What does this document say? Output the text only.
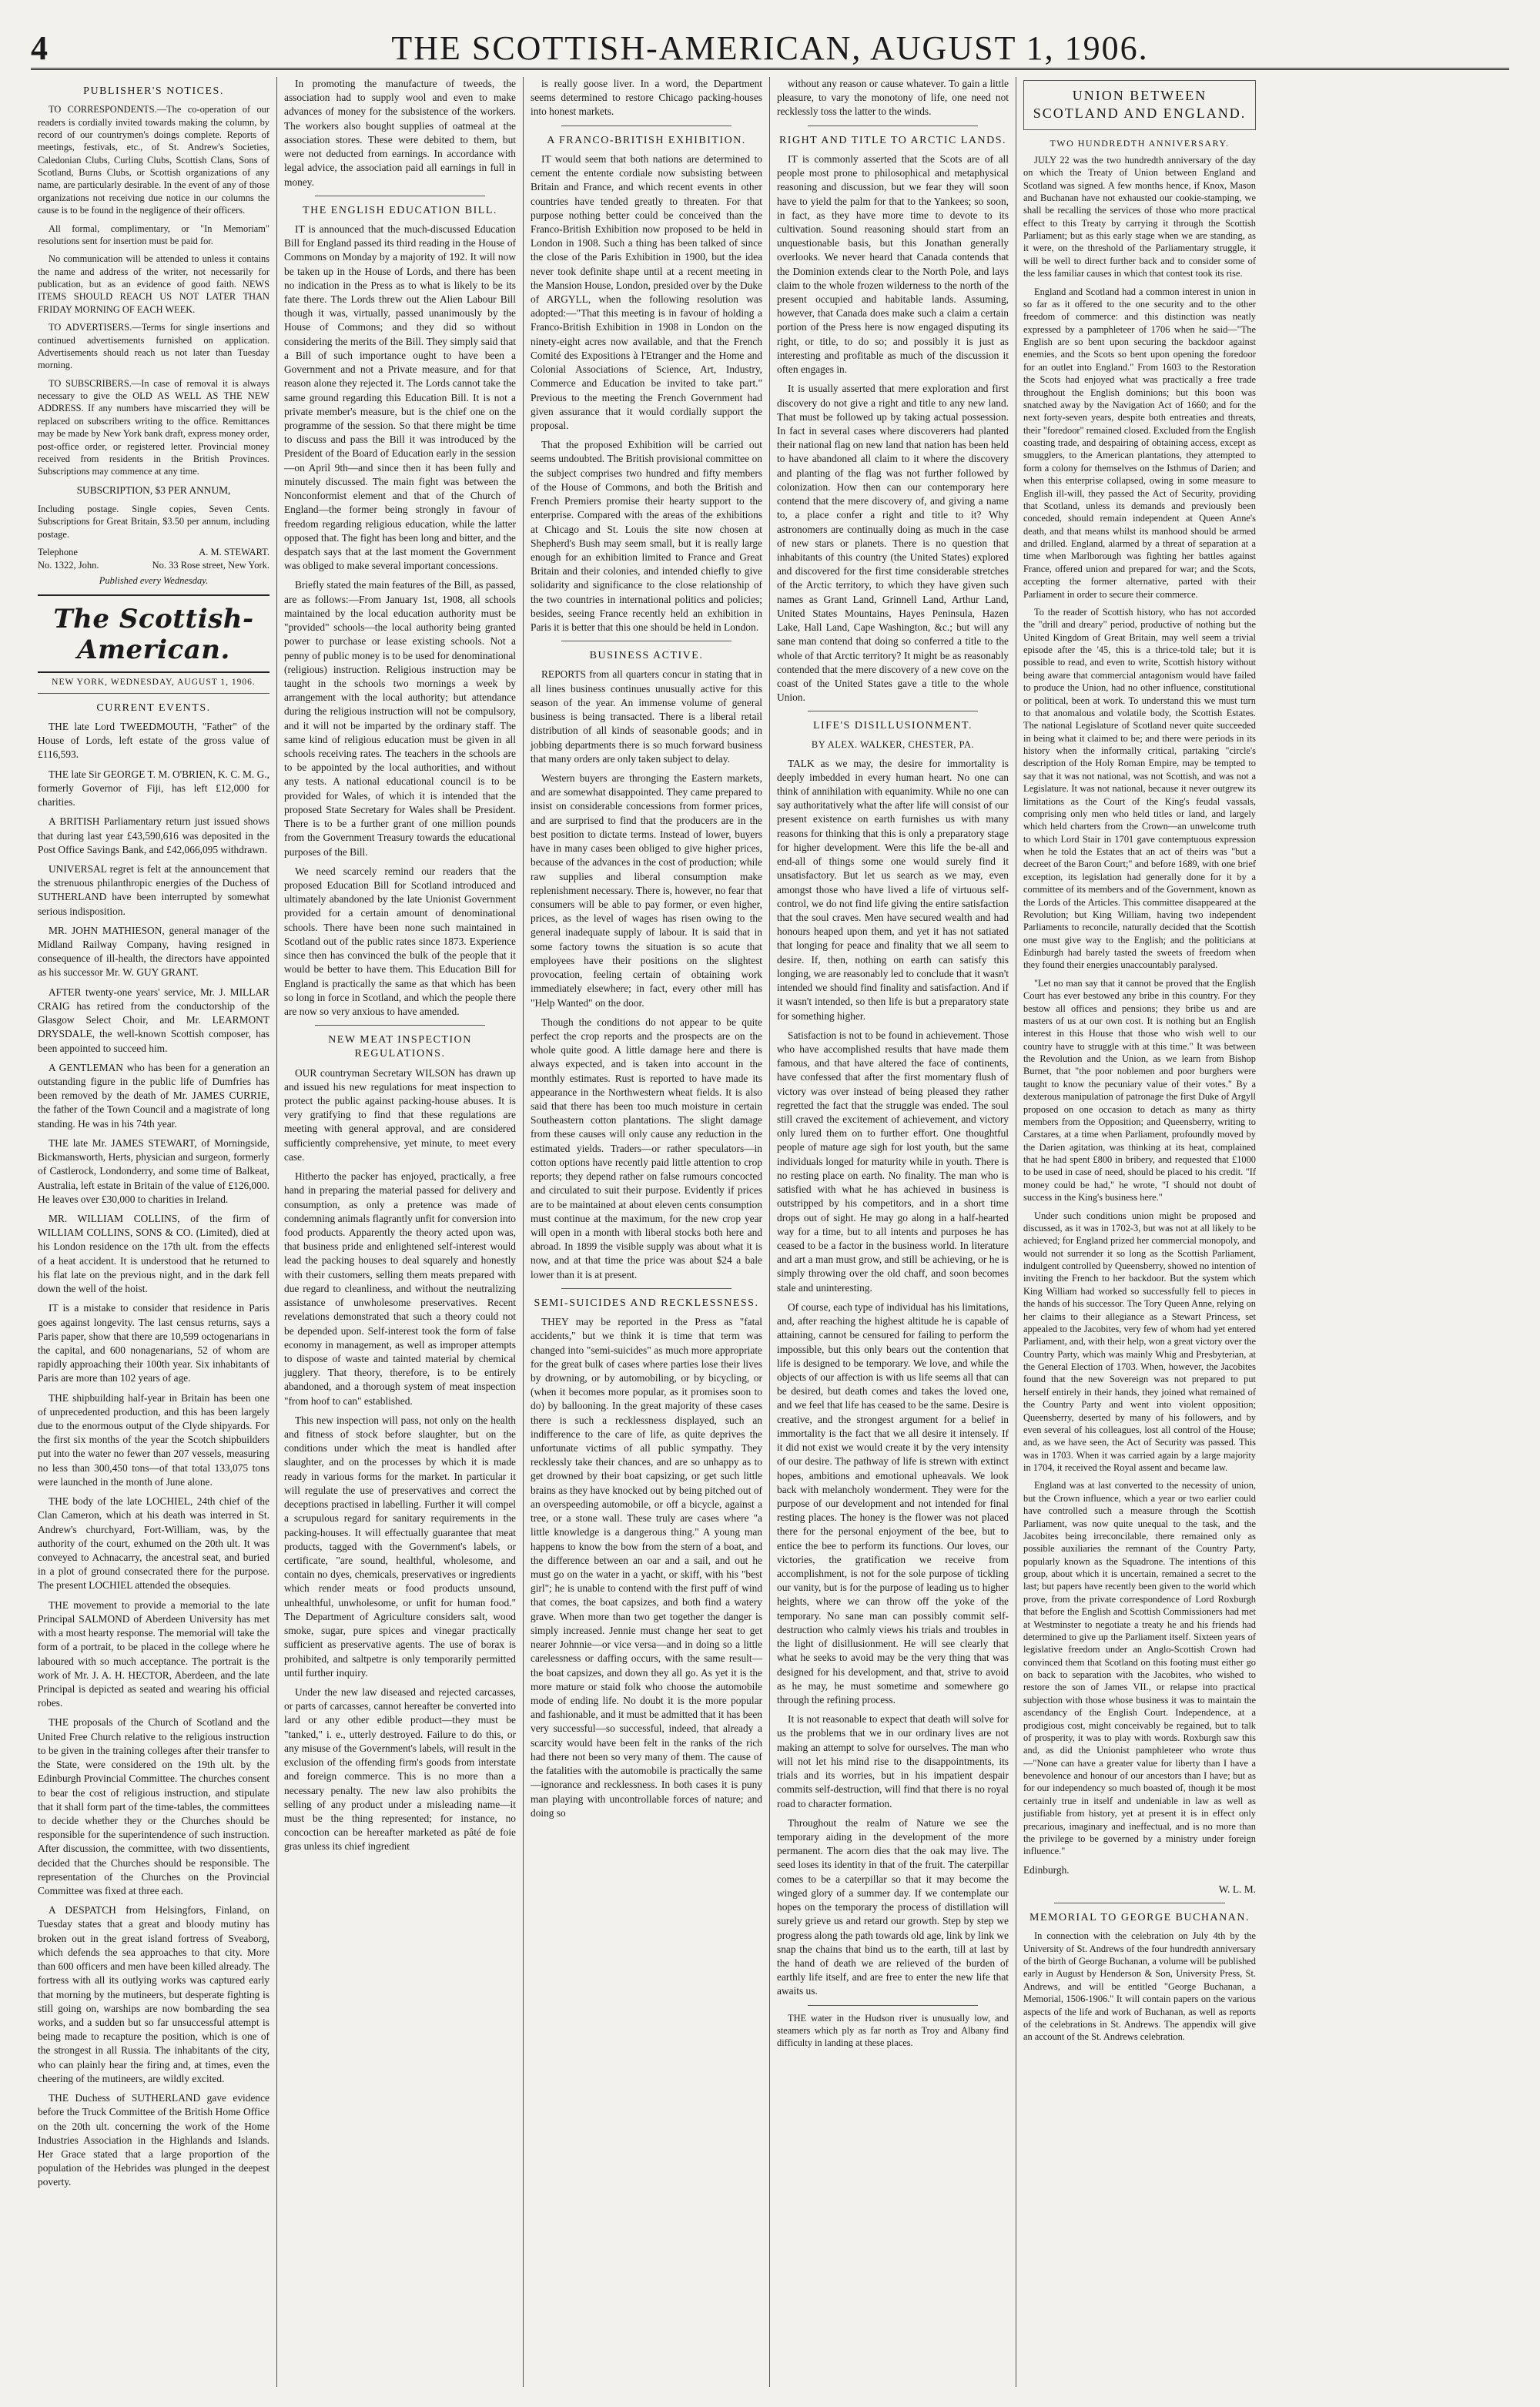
4	THE SCOTTISH-AMERICAN, AUGUST 1, 1906.
PUBLISHER'S NOTICES.

TO CORRESPONDENTS.—The co-operation of our readers is cordially invited towards making the column, by record of our countrymen's doings complete. Reports of meetings, festivals, etc., of St. Andrew's Societies, Caledonian Clubs, Curling Clubs, Scottish Clans, Sons of Scotland, Burns Clubs, or Scottish organizations of any name, are particularly desirable. In the event of any of those organizations not receiving due notice in our columns the cause is to be found in the negligence of their officers.

All formal, complimentary, or "In Memoriam" resolutions sent for insertion must be paid for.

No communication will be attended to unless it contains the name and address of the writer, not necessarily for publication, but as an evidence of good faith. NEWS ITEMS SHOULD REACH US NOT LATER THAN FRIDAY MORNING OF EACH WEEK.

TO ADVERTISERS.—Terms for single insertions and continued advertisements furnished on application. Advertisements should reach us not later than Tuesday morning.

TO SUBSCRIBERS.—In case of removal it is always necessary to give the OLD AS WELL AS THE NEW ADDRESS. If any numbers have miscarried they will be replaced on subscribers writing to the office. Remittances may be made by New York bank draft, express money order, post-office order, or registered letter. Provincial money received from residents in the British Provinces. Subscriptions may commence at any time.

SUBSCRIPTION, $3 PER ANNUM,

Including postage. Single copies, Seven Cents. Subscriptions for Great Britain, $3.50 per annum, including postage.

Telephone	A. M. STEWART.
No. 1322, John.	No. 33 Rose street, New York.
Published every Wednesday.
The Scottish-American.
NEW YORK, WEDNESDAY, AUGUST 1, 1906.
CURRENT EVENTS.

THE late Lord TWEEDMOUTH, "Father" of the House of Lords, left estate of the gross value of £116,593.

THE late Sir GEORGE T. M. O'BRIEN, K. C. M. G., formerly Governor of Fiji, has left £12,000 for charities.

A BRITISH Parliamentary return just issued shows that during last year £43,590,616 was deposited in the Post Office Savings Bank, and £42,066,095 withdrawn.

UNIVERSAL regret is felt at the announcement that the strenuous philanthropic energies of the Duchess of SUTHERLAND have been interrupted by somewhat serious indisposition.

MR. JOHN MATHIESON, general manager of the Midland Railway Company, having resigned in consequence of ill-health, the directors have appointed as his successor Mr. W. GUY GRANT.

AFTER twenty-one years' service, Mr. J. MILLAR CRAIG has retired from the conductorship of the Glasgow Select Choir, and Mr. LEARMONT DRYSDALE, the well-known Scottish composer, has been appointed to succeed him.

A GENTLEMAN who has been for a generation an outstanding figure in the public life of Dumfries has been removed by the death of Mr. JAMES CURRIE, the father of the Town Council and a magistrate of long standing. He was in his 74th year.

THE late Mr. JAMES STEWART, of Morningside, Bickmansworth, Herts, physician and surgeon, formerly of Castlerock, Londonderry, and some time of Balkeat, Australia, left estate in Britain of the value of £126,000. He leaves over £30,000 to charities in Ireland.

MR. WILLIAM COLLINS, of the firm of WILLIAM COLLINS, SONS & CO. (Limited), died at his London residence on the 17th ult. from the effects of a heat accident. It is understood that he returned to his flat late on the previous night, and in the dark fell down the well of the hoist.

IT is a mistake to consider that residence in Paris goes against longevity. The last census returns, says a Paris paper, show that there are 10,599 octogenarians in the capital, and 600 nonagenarians, 52 of whom are rapidly approaching their 100th year. Six inhabitants of Paris are more than 102 years of age.

THE shipbuilding half-year in Britain has been one of unprecedented production, and this has been largely due to the enormous output of the Clyde shipyards. For the first six months of the year the Scotch shipbuilders put into the water no fewer than 207 vessels, measuring no less than 300,450 tons—of that total 133,075 tons were launched in the month of June alone.

THE body of the late LOCHIEL, 24th chief of the Clan Cameron, which at his death was interred in St. Andrew's churchyard, Fort-William, was, by the authority of the court, exhumed on the 20th ult. It was conveyed to Achnacarry, the ancestral seat, and buried in a plot of ground consecrated there for the purpose. The present LOCHIEL attended the obsequies.

THE movement to provide a memorial to the late Principal SALMOND of Aberdeen University has met with a most hearty response. The memorial will take the form of a portrait, to be placed in the college where he laboured with so much acceptance. The portrait is the work of Mr. J. A. H. HECTOR, Aberdeen, and the late Principal is depicted as seated and wearing his official robes.

THE proposals of the Church of Scotland and the United Free Church relative to the religious instruction to be given in the training colleges after their transfer to the State, were considered on the 19th ult. by the Edinburgh Provincial Committee. The churches consent to bear the cost of religious instruction, and stipulate that it shall form part of the time-tables, the committees to decide whether they or the Churches should be responsible for the superintendence of such instruction. After discussion, the committee, with two dissentients, decided that the Churches should be responsible. The representation of the Churches on the Provincial Committee was fixed at three each.

A DESPATCH from Helsingfors, Finland, on Tuesday states that a great and bloody mutiny has broken out in the great island fortress of Sveaborg, which defends the sea approaches to that city. More than 600 officers and men have been killed already. The fortress with all its outlying works was captured early that morning by the mutineers, but desperate fighting is still going on, warships are now bombarding the sea works, and a sudden but so far unsuccessful attempt is being made to recapture the position, which is one of the strongest in all Russia. The inhabitants of the city, who can plainly hear the firing and, at times, even the cheering of the mutineers, are wildly excited.

THE Duchess of SUTHERLAND gave evidence before the Truck Committee of the British Home Office on the 20th ult. concerning the work of the Home Industries Association in the Highlands and Islands. Her Grace stated that a large proportion of the population of the Hebrides was plunged in the deepest poverty.

In promoting the manufacture of tweeds, the association had to supply wool and even to make advances of money for the subsistence of the workers. The workers also bought supplies of oatmeal at the association stores. These were debited to them, but were not deducted from earnings. In accordance with legal advice, the association paid all earnings in full in money.

THE ENGLISH EDUCATION BILL.

IT is announced that the much-discussed Education Bill for England passed its third reading in the House of Commons on Monday by a majority of 192. It will now be taken up in the House of Lords, and there has been no indication in the Press as to what is likely to be its fate there. The Lords threw out the Alien Labour Bill though it was, virtually, passed unanimously by the House of Commons; and they did so without considering the merits of the Bill. They simply said that a Bill of such importance ought to have been a Government and not a Private measure, and for that reason alone they rejected it. The Lords cannot take the same ground regarding this Education Bill. It is not a private member's measure, but is the chief one on the programme of the session. So that there might be time to discuss and pass the Bill it was introduced by the President of the Board of Education early in the session—on April 9th—and since then it has been fully and minutely discussed. The main fight was between the Nonconformist element and that of the Church of England—the former being strongly in favour of freedom regarding religious education, while the latter opposed that. The fight has been long and bitter, and the despatch says that at the last moment the Government was obliged to make several important concessions.

Briefly stated the main features of the Bill, as passed, are as follows:—From January 1st, 1908, all schools maintained by the local education authority must be "provided" schools—the local authority being granted power to purchase or lease existing schools. Not a penny of public money is to be used for denominational (religious) instruction. Religious instruction may be taught in the schools two mornings a week by arrangement with the local authority; but attendance during the religious instruction will not be compulsory, and it will not be imparted by the ordinary staff. The same kind of religious education must be given in all schools receiving rates. The teachers in the schools are to be appointed by the local authorities, and without any tests. A national educational council is to be provided for Wales, of which it is intended that the proposed State Secretary for Wales shall be President. There is to be a further grant of one million pounds from the Government Treasury towards the educational purposes of the Bill.

We need scarcely remind our readers that the proposed Education Bill for Scotland introduced and ultimately abandoned by the late Unionist Government provided for a certain amount of denominational schools. There have been none such maintained in Scotland out of the public rates since 1873. Experience since then has convinced the bulk of the people that it would be better to have them. This Education Bill for England is practically the same as that which has been so long in force in Scotland, and which the people there are now so very anxious to have amended.

NEW MEAT INSPECTION REGULATIONS.

OUR countryman Secretary WILSON has drawn up and issued his new regulations for meat inspection to protect the public against packing-house abuses. It is very gratifying to find that these regulations are meeting with general approval, and are considered sufficiently comprehensive, yet minute, to meet every case.

Hitherto the packer has enjoyed, practically, a free hand in preparing the material passed for delivery and consumption, as only a pretence was made of condemning animals flagrantly unfit for conversion into food products. Apparently the theory acted upon was, that business pride and enlightened self-interest would lead the packing houses to deal squarely and honestly with their customers, selling them meats prepared with due regard to cleanliness, and without the neutralizing assistance of unwholesome preservatives. Recent revelations demonstrated that such a theory could not be depended upon. Self-interest took the form of false economy in management, as well as improper attempts to dispose of waste and tainted material by chemical jugglery. That theory, therefore, is to be entirely abandoned, and a thorough system of meat inspection "from hoof to can" established.

This new inspection will pass, not only on the health and fitness of stock before slaughter, but on the conditions under which the meat is handled after slaughter, and on the processes by which it is made ready in various forms for the market. In particular it will regulate the use of preservatives and correct the deceptions practised in labelling. Further it will compel a scrupulous regard for sanitary requirements in the packing-houses. It will effectually guarantee that meat products, tagged with the Government's labels, or certificate, "are sound, healthful, wholesome, and contain no dyes, chemicals, preservatives or ingredients which render meats or food products unsound, unhealthful, unwholesome, or unfit for human food." The Department of Agriculture considers salt, wood smoke, sugar, pure spices and vinegar practically sufficient as preservative agents. The use of borax is prohibited, and saltpetre is only temporarily permitted until further inquiry.

Under the new law diseased and rejected carcasses, or parts of carcasses, cannot hereafter be converted into lard or any other edible product—they must be "tanked," i. e., utterly destroyed. Failure to do this, or any misuse of the Government's labels, will result in the exclusion of the offending firm's goods from interstate and foreign commerce. This is no more than a necessary penalty. The new law also prohibits the selling of any product under a misleading name—it must be the thing represented; for instance, no concoction can be hereafter marketed as pâté de foie gras unless its chief ingredient

is really goose liver. In a word, the Department seems determined to restore Chicago packing-houses into honest markets.

A FRANCO-BRITISH EXHIBITION.

IT would seem that both nations are determined to cement the entente cordiale now subsisting between Britain and France, and which recent events in other countries have tended greatly to threaten. For that purpose nothing better could be conceived than the Franco-British Exhibition now proposed to be held in London in 1908. Such a thing has been talked of since the close of the Paris Exhibition in 1900, but the idea never took definite shape until at a recent meeting in the Mansion House, London, presided over by the Duke of ARGYLL, when the following resolution was adopted:—"That this meeting is in favour of holding a Franco-British Exhibition in 1908 in London on the ninety-eight acres now available, and that the French Comité des Expositions à l'Etranger and the Home and Colonial Associations of Science, Art, Industry, Commerce and Education be invited to take part." Previous to the meeting the French Government had given assurance that it would cordially support the proposal.

That the proposed Exhibition will be carried out seems undoubted. The British provisional committee on the subject comprises two hundred and fifty members of the House of Commons, and both the British and French Premiers promise their hearty support to the enterprise. Compared with the areas of the exhibitions at Chicago and St. Louis the site now chosen at Shepherd's Bush may seem small, but it is really large enough for an exhibition limited to France and Great Britain and their colonies, and intended chiefly to give solidarity and significance to the close relationship of the two countries in international politics and policies; besides, seeing France recently held an exhibition in Paris it is better that this one should be held in London.

BUSINESS ACTIVE.

REPORTS from all quarters concur in stating that in all lines business continues unusually active for this season of the year. An immense volume of general business is being transacted. There is a liberal retail distribution of all kinds of seasonable goods; and in jobbing departments there is so much forward business that many orders are only taken subject to delay.

Western buyers are thronging the Eastern markets, and are somewhat disappointed. They came prepared to insist on considerable concessions from former prices, and are surprised to find that the producers are in the best position to dictate terms. Instead of lower, buyers have in many cases been obliged to give higher prices, because of the advances in the cost of production; while raw supplies and liberal consumption make replenishment necessary. There is, however, no fear that consumers will be able to pay former, or even higher, prices, as the level of wages has risen owing to the general inadequate supply of labour. It is said that in some factory towns the situation is so acute that employees have their positions on the slightest provocation, feeling certain of obtaining work immediately elsewhere; in fact, every other mill has "Help Wanted" on the door.

Though the conditions do not appear to be quite perfect the crop reports and the prospects are on the whole quite good. A little damage here and there is always expected, and is taken into account in the monthly estimates. Rust is reported to have made its appearance in the Northwestern wheat fields. It is also said that there has been too much moisture in certain Southeastern cotton plantations. The slight damage from these causes will only cause any reduction in the estimated yields. Traders—or rather speculators—in cotton options have recently paid little attention to crop reports; they depend rather on false rumours concocted and circulated to suit their purpose. Evidently if prices are to be maintained at about eleven cents consumption must continue at the maximum, for the new crop year will open in a month with liberal stocks both here and abroad. In 1899 the visible supply was about what it is now, and at that time the price was about $24 a bale lower than it is at present.

SEMI-SUICIDES AND RECKLESSNESS.

THEY may be reported in the Press as "fatal accidents," but we think it is time that term was changed into "semi-suicides" as much more appropriate for the great bulk of cases where parties lose their lives by drowning, or by automobiling, or by bicycling, or (when it becomes more popular, as it promises soon to do) by ballooning. In the great majority of these cases there is such a recklessness displayed, such an indifference to the care of life, as quite deprives the unfortunate victims of all public sympathy. They recklessly take their chances, and are so unhappy as to get drowned by their boat capsizing, or get such little brains as they have knocked out by being pitched out of an overspeeding automobile, or off a bicycle, against a tree, or a stone wall. These truly are cases where "a little knowledge is a dangerous thing." A young man happens to know the bow from the stern of a boat, and the difference between an oar and a sail, and out he must go on the water in a yacht, or skiff, with his "best girl"; he is unable to contend with the first puff of wind that comes, the boat capsizes, and both find a watery grave. When more than two get together the danger is simply increased. Jennie must change her seat to get nearer Johnnie—or vice versa—and in doing so a little carelessness or daffing occurs, with the same result—the boat capsizes, and down they all go. As yet it is the more mature or staid folk who choose the automobile mode of ending life. No doubt it is the more popular and fashionable, and it must be admitted that it has been very successful—so successful, indeed, that already a scarcity would have been felt in the ranks of the rich had there not been so very many of them. The cause of the fatalities with the automobile is practically the same—ignorance and recklessness. In both cases it is puny man playing with uncontrollable forces of nature; and doing so

without any reason or cause whatever. To gain a little pleasure, to vary the monotony of life, one need not recklessly toss the latter to the winds.

RIGHT AND TITLE TO ARCTIC LANDS.

IT is commonly asserted that the Scots are of all people most prone to philosophical and metaphysical reasoning and discussion, but we fear they will soon have to yield the palm for that to the Yankees; so soon, in fact, as they have more time to devote to its cultivation. Sound reasoning should start from an unquestionable basis, but this Jonathan generally overlooks. We never heard that Canada contends that the Dominion extends clear to the North Pole, and lays claim to the whole frozen wilderness to the north of the present occupied and habitable lands. Assuming, however, that Canada does make such a claim a certain portion of the Press here is now engaged disputing its right, or title, to do so; and possibly it is just as interesting and profitable as much of the discussion it often engages in.

It is usually asserted that mere exploration and first discovery do not give a right and title to any new land. That must be followed up by taking actual possession. In fact in several cases where discoverers had planted their national flag on new land that nation has been held to have abandoned all claim to it where the discovery and planting of the flag was not further followed by colonization. How then can our contemporary here contend that the mere discovery of, and giving a name to, a place confer a right and title to it? Why astronomers are continually doing as much in the case of new stars or planets. There is no question that inhabitants of this country (the United States) explored and discovered for the first time considerable stretches of the Arctic territory, to which they have given such names as Grant Land, Grinnell Land, Arthur Land, United States Mountains, Hayes Peninsula, Hazen Lake, Hall Land, Cape Washington, &c.; but will any sane man contend that doing so conferred a title to the whole of that Arctic territory? It might be as reasonably contended that the mere discovery of a new cove on the coast of the United States gave a title to the whole Union.

LIFE'S DISILLUSIONMENT.

BY ALEX. WALKER, CHESTER, PA.

TALK as we may, the desire for immortality is deeply imbedded in every human heart. No one can think of annihilation with equanimity. While no one can say authoritatively what the after life will consist of our present existence on earth furnishes us with many reasons for thinking that this is only a preparatory stage for higher development. Were this life the be-all and end-all of things some one would surely find it unsatisfactory. But let us search as we may, even amongst those who have lived a life of virtuous self-control, we do not find life giving the entire satisfaction that the soul craves. Men have secured wealth and had honours heaped upon them, and yet it has not satiated that longing for peace and finality that we all seem to desire. If, then, nothing on earth can satisfy this longing, we are reasonably led to conclude that it wasn't intended we should find finality and satisfaction. And if it wasn't intended, so then life is but a preparatory state for something higher.

Satisfaction is not to be found in achievement. Those who have accomplished results that have made them famous, and that have altered the face of continents, have confessed that after the first momentary flush of victory was over instead of being pleased they rather regretted the fact that the struggle was ended. The soul still craved the excitement of achievement, and victory only lured them on to further effort. One thoughtful people of mature age sigh for lost youth, but the same individuals longed for maturity while in youth. There is no resting place on earth. No finality. The man who is satisfied with what he has achieved in business is outstripped by his competitors, and in a short time drops out of sight. He may go along in a half-hearted way for a time, but to all intents and purposes he has ceased to be a factor in the business world. In literature and art a man must grow, and still be achieving, or he is simply throwing over the old chaff, and soon becomes stale and uninteresting.

Of course, each type of individual has his limitations, and, after reaching the highest altitude he is capable of attaining, cannot be censured for failing to perform the impossible, but this only bears out the contention that life is designed to be temporary. We love, and while the objects of our affection is with us life seems all that can be desired, but death comes and takes the loved one, and we feel that life has ceased to be the same. Desire is creative, and the strongest argument for a belief in immortality is the fact that we all desire it intensely. If it did not exist we would create it by the very intensity of our desire. The pathway of life is strewn with extinct hopes, ambitions and emotional upheavals. We look back with melancholy wonderment. They were for the purpose of our development and not intended for final resting places. The honey is the flower was not placed there for the personal enjoyment of the bee, but to entice the bee to perform its functions. Our loves, our victories, the gratification we receive from accomplishment, is not for the sole purpose of tickling our vanity, but is for the purpose of leading us to higher heights, where we can throw off the yoke of the temporary. No sane man can possibly commit self-destruction who calmly views his trials and troubles in the light of disillusionment. He will see clearly that what he seeks to avoid may be the very thing that was designed for his development, and that, strive to avoid as he may, he must sometime and somewhere go through the refining process.

It is not reasonable to expect that death will solve for us the problems that we in our ordinary lives are not making an attempt to solve for ourselves. The man who will not let his mind rise to the disappointments, its trials and its worries, but in his impatient despair commits self-destruction, will find that there is no royal road to character formation.

Throughout the realm of Nature we see the temporary aiding in the development of the more permanent. The acorn dies that the oak may live. The seed loses its identity in that of the fruit. The caterpillar comes to be a caterpillar so that it may become the winged glory of a summer day. If we contemplate our hopes on the temporary the process of distillation will surely grieve us and retard our growth. Step by step we progress along the path towards old age, link by link we snap the chains that bind us to the earth, till at last by the hand of death we are relieved of the burden of earthly life itself, and are free to enter the new life that awaits us.

THE water in the Hudson river is unusually low, and steamers which ply as far north as Troy and Albany find difficulty in landing at these places.

UNION BETWEEN SCOTLAND AND ENGLAND.
TWO HUNDREDTH ANNIVERSARY.

JULY 22 was the two hundredth anniversary of the day on which the Treaty of Union between England and Scotland was signed. A few months hence, if Knox, Mason and Buchanan have not exhausted our cookie-stamping, we shall be recalling the services of those who more practical effect to this Treaty by carrying it through the Scottish Parliament; but as this early stage when we are standing, as it were, on the threshold of the Parliamentary struggle, it will be well to direct further back and to consider some of the less familiar causes in which that contest took its rise.

England and Scotland had a common interest in union in so far as it offered to the one security and to the other freedom of commerce: and this distinction was neatly expressed by a pamphleteer of 1706 when he said—"The English are so bent upon securing the backdoor against enemies, and the Scots so bent upon opening the foredoor for an outlet into England." From 1603 to the Restoration the Scots had enjoyed what was practically a free trade throughout the English dominions; but this boon was snatched away by the Navigation Act of 1660; and for the next forty-seven years, despite both entreaties and threats, their "foredoor" remained closed. Excluded from the English coasting trade, and despairing of obtaining access, except as smugglers, to the American plantations, they attempted to form a colony for themselves on the Isthmus of Darien; and when this enterprise collapsed, owing in some measure to English ill-will, they passed the Act of Security, providing that Scotland, unless its demands and previously been conceded, should remain independent at Queen Anne's death, and that means whilst its manhood should be armed and drilled. England, alarmed by a threat of separation at a time when Marlborough was fighting her battles against France, offered union and prepared for war; and the Scots, accepting the former alternative, parted with their Parliament in order to secure their commerce.

To the reader of Scottish history, who has not accorded the "drill and dreary" period, productive of nothing but the United Kingdom of Great Britain, may well seem a trivial episode after the '45, this is a thrice-told tale; but it is possible to read, and even to write, Scottish history without being aware that commercial antagonism would have failed to produce the Union, had no other influence, constitutional or political, been at work. To understand this we must turn to that anomalous and volatile body, the Scottish Estates. The national Legislature of Scotland never quite succeeded in being what it claimed to be; and there were periods in its history when the informally critical, partaking "circle's description of the Holy Roman Empire, may be tempted to say that it was not national, was not Scottish, and was not a Legislature. It was not national, because it never outgrew its limitations as the Court of the King's feudal vassals, comprising only men who held titles or land, and largely which held charters from the Crown—an unwelcome truth to which Lord Stair in 1701 gave contemptuous expression when he told the Estates that an act of theirs was "but a decreet of the Baron Court;" and before 1689, with one brief exception, its legislation had generally done for it by a committee of its members and of the Government, known as the Lords of the Articles. This committee disappeared at the Revolution; but King William, having two independent Parliaments to reconcile, naturally decided that the Scottish one must give way to the English; and the politicians at Edinburgh had barely tasted the sweets of freedom when they found their energies unaccountably paralysed.

"Let no man say that it cannot be proved that the English Court has ever bestowed any bribe in this country. For they bestow all offices and pensions; they bribe us and are masters of us at our own cost. It is nothing but an English interest in this House that those who wish well to our country have to struggle with at this time." It was between the Revolution and the Union, as we learn from Bishop Burnet, that "the poor noblemen and poor burghers were taught to know the pecuniary value of their votes." By a dexterous manipulation of patronage the first Duke of Argyll proposed on one occasion to detach as many as thirty members from the Opposition; and Queensberry, writing to Carstares, at a time when Parliament, profoundly moved by the Darien agitation, was thinking at its heat, complained that he had spent £800 in bribery, and requested that £1000 to be used in case of need, should be placed to his credit. "If money could be had," he wrote, "I should not doubt of success in the King's business here."

Under such conditions union might be proposed and discussed, as it was in 1702-3, but was not at all likely to be achieved; for England prized her commercial monopoly, and would not surrender it so long as the Scottish Parliament, indulgent controlled by Queensberry, showed no intention of inviting the French to her backdoor. But the system which King William had worked so successfully fell to pieces in the hands of his successor. The Tory Queen Anne, relying on her claims to their allegiance as a Stewart Princess, set appealed to the Jacobites, very few of whom had yet entered Parliament, and, with their help, won a great victory over the Country Party, which was mainly Whig and Presbyterian, at the General Election of 1703. When, however, the Jacobites found that the new Sovereign was not prepared to put herself entirely in their hands, they joined what remained of the Country Party and went into violent opposition; Queensberry, deserted by many of his followers, and by even several of his colleagues, lost all control of the House; and, as we have seen, the Act of Security was passed. This was in 1703. When it was carried again by a large majority in 1704, it received the Royal assent and became law.

England was at last converted to the necessity of union, but the Crown influence, which a year or two earlier could have controlled such a measure through the Scottish Parliament, was now quite unequal to the task, and the Jacobites being irreconcilable, there remained only as possible auxiliaries the remnant of the Country Party, popularly known as the Squadrone. The intentions of this group, about which it is uncertain, remained a secret to the last; but papers have recently been given to the world which prove, from the private correspondence of Lord Roxburgh that before the English and Scottish Commissioners had met at Westminster to negotiate a treaty he and his friends had determined to give up the Parliament itself. Sixteen years of legislative freedom under an Anglo-Scottish Crown had convinced them that Scotland on this footing must either go on back to separation with the Jacobites, who wished to restore the son of James VII., or relapse into practical subjection with those whose business it was to maintain the ascendancy of the English Court. Independence, at a prodigious cost, might conceivably be regained, but to talk of prosperity, it was to play with words. Roxburgh saw this and, as did the Unionist pamphleteer who wrote thus—"None can have a greater value for liberty than I have a benevolence and honour of our ancestors than I have; but as for our independency so much boasted of, though it be most certainly true in itself and undeniable in law as well as justifiable from history, yet at present it is in effect only precarious, imaginary and ineffectual, and is no more than the privilege to be governed by a ministry under foreign influence."

Edinburgh.

W. L. M.

MEMORIAL TO GEORGE BUCHANAN.

In connection with the celebration on July 4th by the University of St. Andrews of the four hundredth anniversary of the birth of George Buchanan, a volume will be published early in August by Henderson & Son, University Press, St. Andrews, and will be entitled "George Buchanan, a Memorial, 1506-1906." It will contain papers on the various aspects of the life and work of Buchanan, as well as reports of the celebrations in St. Andrews. The appendix will give an account of the St. Andrews celebration.
